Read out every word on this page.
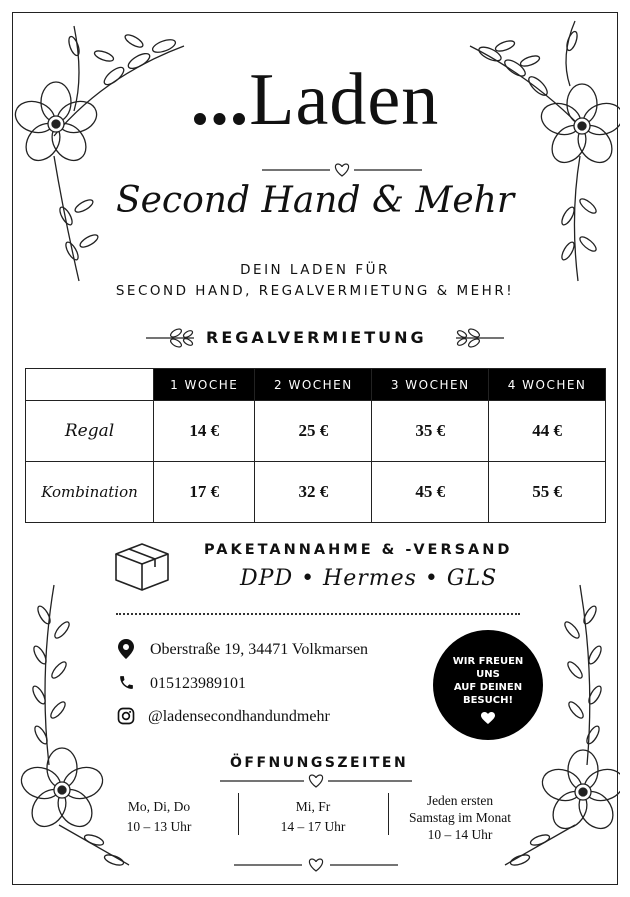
...Laden
Second Hand & Mehr
DEIN LADEN FÜR
SECOND HAND, REGALVERMIETUNG & MEHR!
REGALVERMIETUNG
	1 WOCHE	2 WOCHEN	3 WOCHEN	4 WOCHEN
Regal	14 €	25 €	35 €	44 €
Kombination	17 €	32 €	45 €	55 €
PAKETANNAHME & -VERSAND
DPD • Hermes • GLS
Oberstraße 19, 34471 Volkmarsen
015123989101
@ladensecondhandundmehr
WIR FREUEN
UNS
AUF DEINEN
BESUCH!
ÖFFNUNGSZEITEN
Mo, Di, Do
10 – 13 Uhr
Mi, Fr
14 – 17 Uhr
Jeden ersten
Samstag im Monat
10 – 14 Uhr
